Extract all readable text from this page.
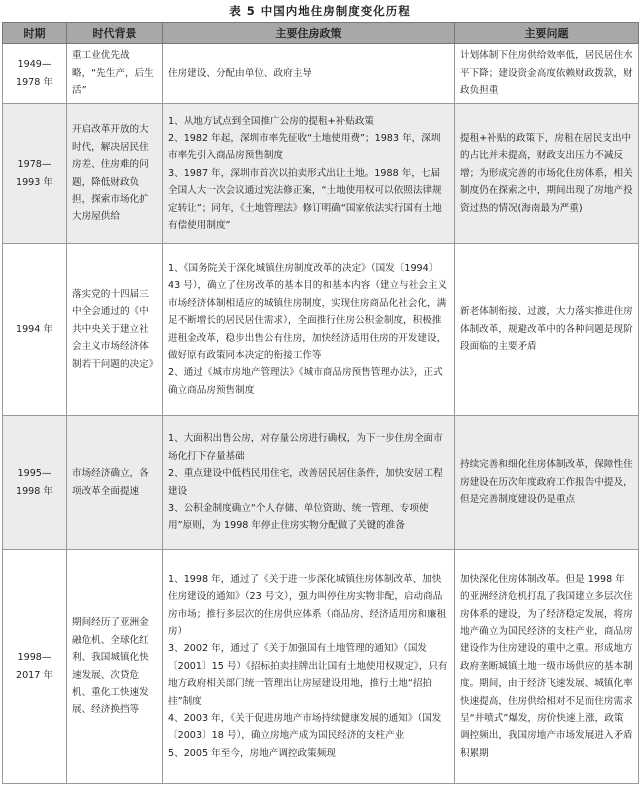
表 5 中国内地住房制度变化历程
时期	时代背景	主要住房政策	主要问题
1949—1978 年	重工业优先战略，“先生产，后生活”	住房建设、分配由单位、政府主导	计划体制下住房供给效率低，居民居住水平下降；建设资金高度依赖财政拨款，财政负担重
1978—1993 年	开启改革开放的大时代，解决居民住房差、住房难的问题，降低财政负担，探索市场化扩大房屋供给	1、从地方试点到全国推广公房的提租+补贴政策
2、1982 年起，深圳市率先征收“土地使用费”；1983 年，深圳市率先引入商品房预售制度
3、1987 年，深圳市首次以拍卖形式出让土地。1988 年，七届全国人大一次会议通过宪法修正案，“土地使用权可以依照法律规定转让”；同年，《土地管理法》修订明确“国家依法实行国有土地有偿使用制度”	提租+补贴的政策下，房租在居民支出中的占比并未提高，财政支出压力不减反增；为形成完善的市场化住房体系，相关制度仍在探索之中，期间出现了房地产投资过热的情况(海南最为严重)
1994 年	落实党的十四届三中全会通过的《中共中央关于建立社会主义市场经济体制若干问题的决定》	1、《国务院关于深化城镇住房制度改革的决定》（国发〔1994〕43 号），确立了住房改革的基本目的和基本内容（建立与社会主义市场经济体制相适应的城镇住房制度，实现住房商品化社会化，满足不断增长的居民居住需求），全面推行住房公积金制度，积极推进租金改革，稳步出售公有住房，加快经济适用住房的开发建设，做好原有政策同本决定的衔接工作等
2、通过《城市房地产管理法》《城市商品房预售管理办法》，正式确立商品房预售制度	新老体制衔接、过渡，大力落实推进住房体制改革，规避改革中的各种问题是现阶段面临的主要矛盾
1995—1998 年	市场经济确立，各项改革全面提速	1、大面积出售公房，对存量公房进行确权，为下一步住房全面市场化打下存量基础
2、重点建设中低档民用住宅，改善居民居住条件，加快安居工程建设
3、公积金制度确立“个人存储、单位资助、统一管理、专项使用”原则，为 1998 年停止住房实物分配做了关键的准备	持续完善和细化住房体制改革，保障性住房建设在历次年度政府工作报告中提及，但是完善制度建设仍是重点
1998—2017 年	期间经历了亚洲金融危机、全球化红利、我国城镇化快速发展、次贷危机、重化工快速发展、经济换挡等	1、1998 年，通过了《关于进一步深化城镇住房体制改革、加快住房建设的通知》（23 号文），强力叫停住房实物非配，启动商品房市场；推行多层次的住房供应体系（商品房、经济适用房和廉租房）
3、2002 年，通过了《关于加强国有土地管理的通知》（国发〔2001〕15 号）《招标拍卖挂牌出让国有土地使用权规定》，只有地方政府相关部门统一管理出让房屋建设用地，推行土地“招拍挂”制度
4、2003 年，《关于促进房地产市场持续健康发展的通知》（国发〔2003〕18 号），确立房地产成为国民经济的支柱产业
5、2005 年至今，房地产调控政策频现	加快深化住房体制改革。但是 1998 年的亚洲经济危机打乱了我国建立多层次住房体系的建设，为了经济稳定发展，将房地产确立为国民经济的支柱产业，商品房建设作为住房建设的重中之重。形成地方政府垄断城镇土地一级市场供应的基本制度。期间，由于经济飞速发展、城镇化率快速提高，住房供给相对不足而住房需求呈“井喷式”爆发，房价快速上涨，政策调控频出，我国房地产市场发展进入矛盾积累期
